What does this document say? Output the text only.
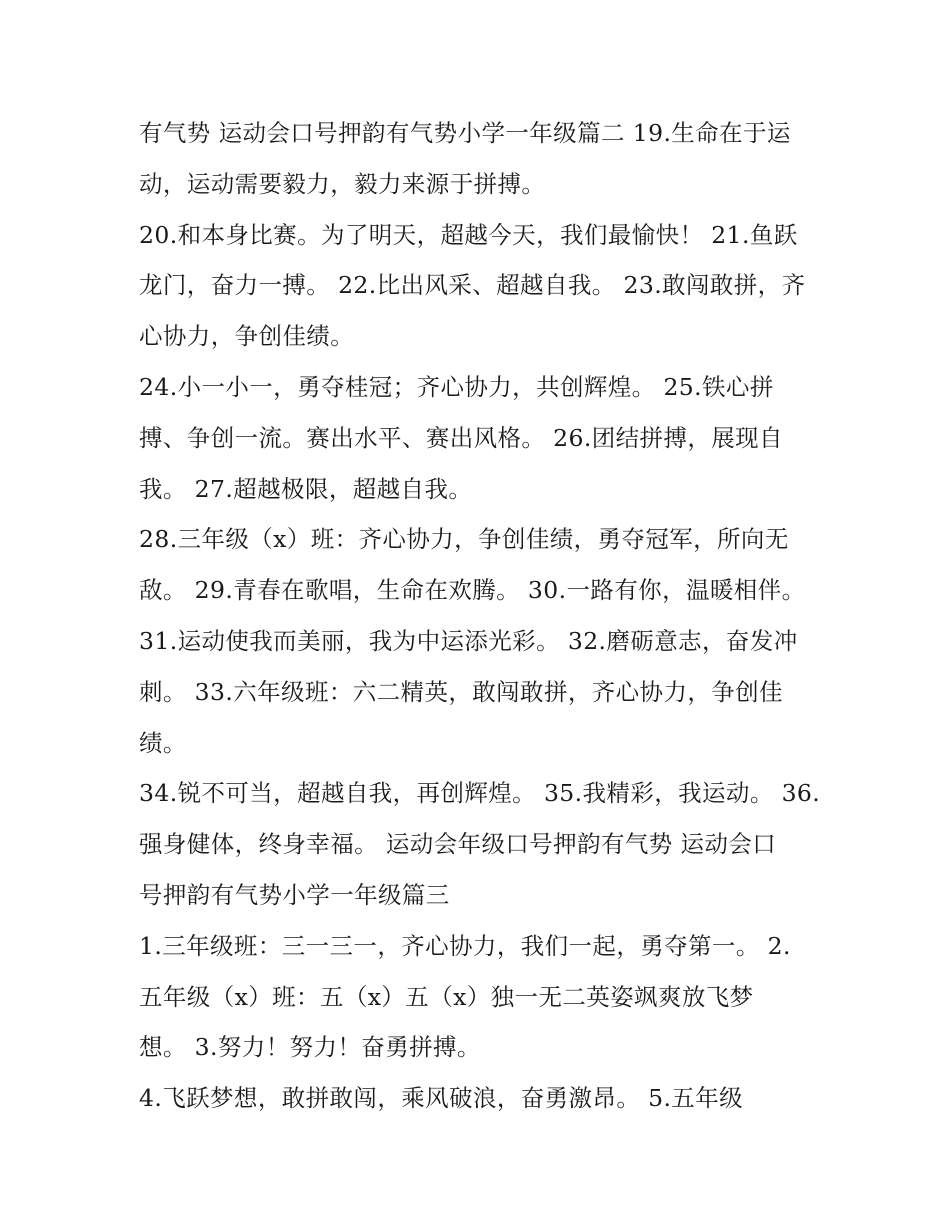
有气势 运动会口号押韵有气势小学一年级篇二 19.生命在于运
动，运动需要毅力，毅力来源于拼搏。
20.和本身比赛。为了明天，超越今天，我们最愉快！ 21.鱼跃
龙门，奋力一搏。 22.比出风采、超越自我。 23.敢闯敢拼，齐
心协力，争创佳绩。
24.小一小一，勇夺桂冠；齐心协力，共创辉煌。 25.铁心拼
搏、争创一流。赛出水平、赛出风格。 26.团结拼搏，展现自
我。 27.超越极限，超越自我。
28.三年级（x）班：齐心协力，争创佳绩，勇夺冠军，所向无
敌。 29.青春在歌唱，生命在欢腾。 30.一路有你，温暖相伴。
31.运动使我而美丽，我为中运添光彩。 32.磨砺意志，奋发冲
刺。 33.六年级班：六二精英，敢闯敢拼，齐心协力，争创佳
绩。
34.锐不可当，超越自我，再创辉煌。 35.我精彩，我运动。 36.
强身健体，终身幸福。 运动会年级口号押韵有气势 运动会口
号押韵有气势小学一年级篇三
1.三年级班：三一三一，齐心协力，我们一起，勇夺第一。 2.
五年级（x）班：五（x）五（x）独一无二英姿飒爽放飞梦
想。 3.努力！努力！奋勇拼搏。
4.飞跃梦想，敢拼敢闯，乘风破浪，奋勇激昂。 5.五年级
